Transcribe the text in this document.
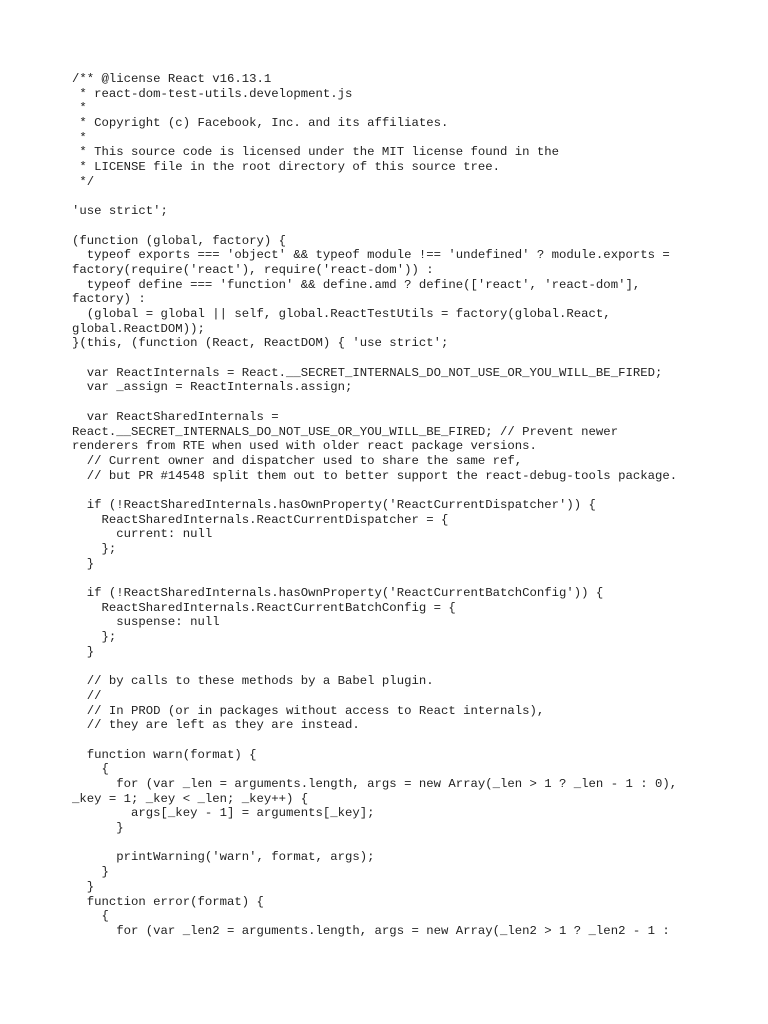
/** @license React v16.13.1
* react-dom-test-utils.development.js
*
* Copyright (c) Facebook, Inc. and its affiliates.
*
* This source code is licensed under the MIT license found in the
* LICENSE file in the root directory of this source tree.
*/
'use strict';
(function (global, factory) {
typeof exports === 'object' && typeof module !== 'undefined' ? module.exports =
factory(require('react'), require('react-dom')) :
typeof define === 'function' && define.amd ? define(['react', 'react-dom'],
factory) :
(global = global || self, global.ReactTestUtils = factory(global.React,
global.ReactDOM));
}(this, (function (React, ReactDOM) { 'use strict';
var ReactInternals = React.__SECRET_INTERNALS_DO_NOT_USE_OR_YOU_WILL_BE_FIRED;
var _assign = ReactInternals.assign;
var ReactSharedInternals =
React.__SECRET_INTERNALS_DO_NOT_USE_OR_YOU_WILL_BE_FIRED; // Prevent newer
renderers from RTE when used with older react package versions.
// Current owner and dispatcher used to share the same ref,
// but PR #14548 split them out to better support the react-debug-tools package.
if (!ReactSharedInternals.hasOwnProperty('ReactCurrentDispatcher')) {
ReactSharedInternals.ReactCurrentDispatcher = {
current: null
};
}
if (!ReactSharedInternals.hasOwnProperty('ReactCurrentBatchConfig')) {
ReactSharedInternals.ReactCurrentBatchConfig = {
suspense: null
};
}
// by calls to these methods by a Babel plugin.
//
// In PROD (or in packages without access to React internals),
// they are left as they are instead.
function warn(format) {
{
for (var _len = arguments.length, args = new Array(_len > 1 ? _len - 1 : 0),
_key = 1; _key < _len; _key++) {
args[_key - 1] = arguments[_key];
}
printWarning('warn', format, args);
}
}
function error(format) {
{
for (var _len2 = arguments.length, args = new Array(_len2 > 1 ? _len2 - 1 :
